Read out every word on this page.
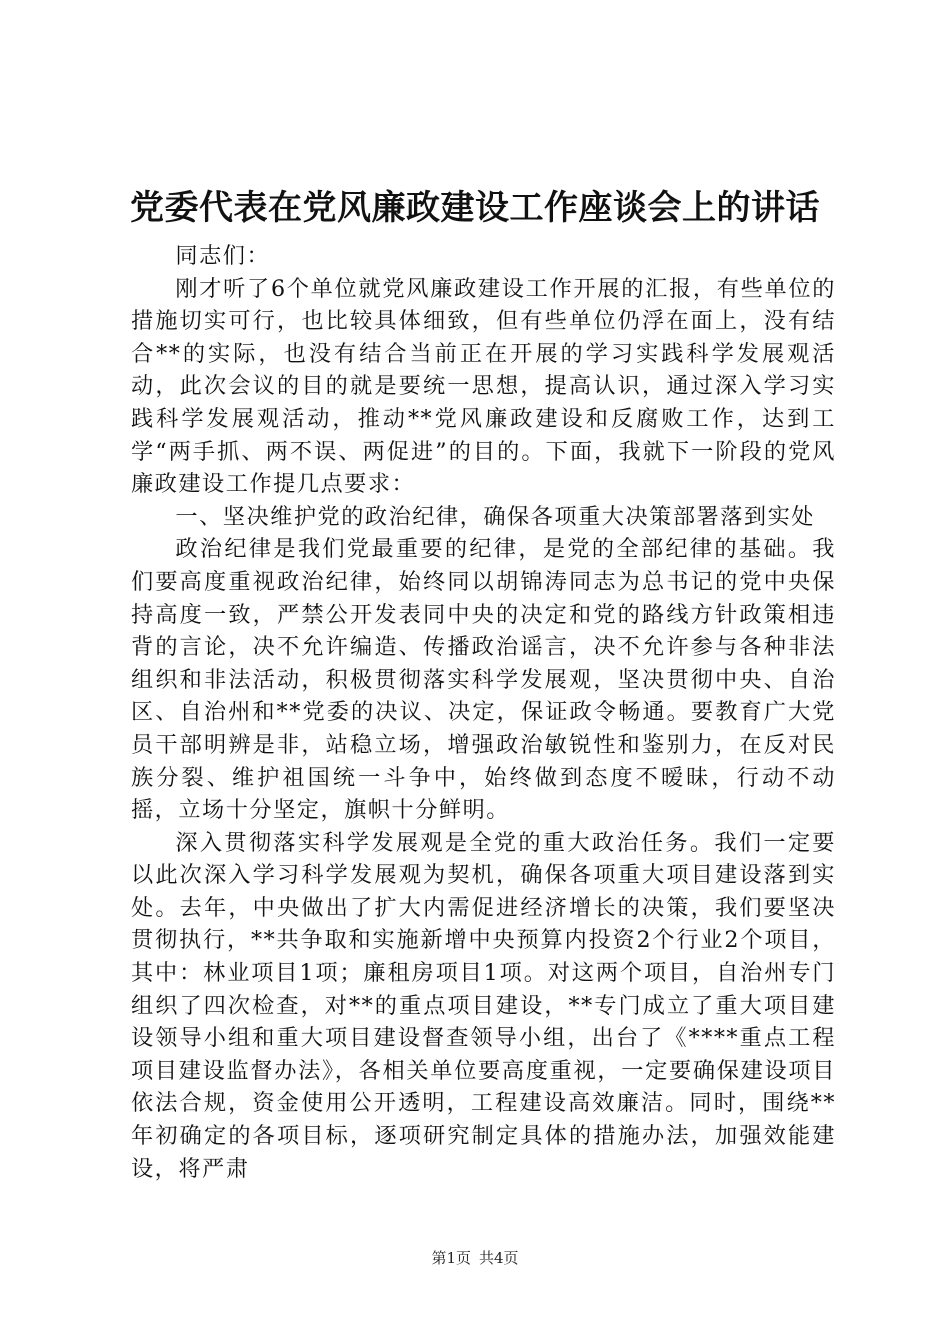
党委代表在党风廉政建设工作座谈会上的讲话

同志们：

刚才听了6个单位就党风廉政建设工作开展的汇报，有些单位的措施切实可行，也比较具体细致，但有些单位仍浮在面上，没有结合**的实际，也没有结合当前正在开展的学习实践科学发展观活动，此次会议的目的就是要统一思想，提高认识，通过深入学习实践科学发展观活动，推动**党风廉政建设和反腐败工作，达到工学“两手抓、两不误、两促进”的目的。下面，我就下一阶段的党风廉政建设工作提几点要求：

一、坚决维护党的政治纪律，确保各项重大决策部署落到实处

政治纪律是我们党最重要的纪律，是党的全部纪律的基础。我们要高度重视政治纪律，始终同以胡锦涛同志为总书记的党中央保持高度一致，严禁公开发表同中央的决定和党的路线方针政策相违背的言论，决不允许编造、传播政治谣言，决不允许参与各种非法组织和非法活动，积极贯彻落实科学发展观，坚决贯彻中央、自治区、自治州和**党委的决议、决定，保证政令畅通。要教育广大党员干部明辨是非，站稳立场，增强政治敏锐性和鉴别力，在反对民族分裂、维护祖国统一斗争中，始终做到态度不暧昧，行动不动摇，立场十分坚定，旗帜十分鲜明。

深入贯彻落实科学发展观是全党的重大政治任务。我们一定要以此次深入学习科学发展观为契机，确保各项重大项目建设落到实处。去年，中央做出了扩大内需促进经济增长的决策，我们要坚决贯彻执行，**共争取和实施新增中央预算内投资2个行业2个项目，其中：林业项目1项；廉租房项目1项。对这两个项目，自治州专门组织了四次检查，对**的重点项目建设，**专门成立了重大项目建设领导小组和重大项目建设督查领导小组，出台了《****重点工程项目建设监督办法》，各相关单位要高度重视，一定要确保建设项目依法合规，资金使用公开透明，工程建设高效廉洁。同时，围绕**年初确定的各项目标，逐项研究制定具体的措施办法，加强效能建设，将严肃

第1页 共4页
